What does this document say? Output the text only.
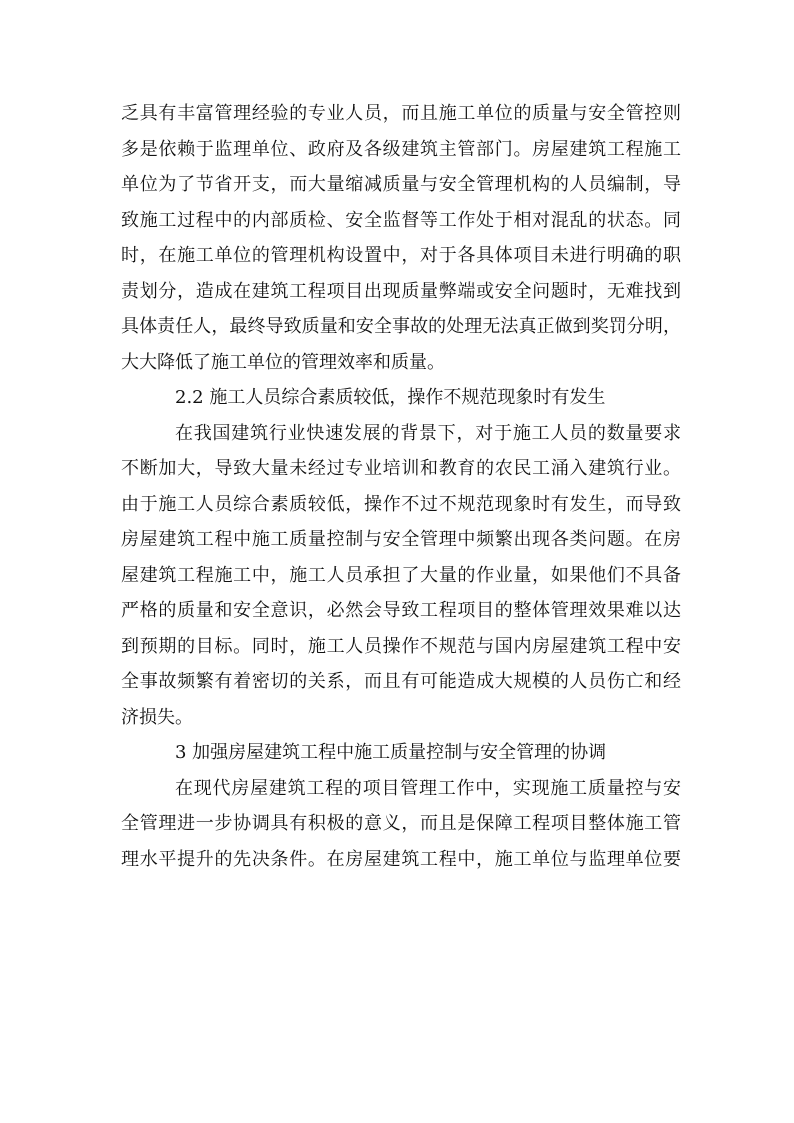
乏具有丰富管理经验的专业人员，而且施工单位的质量与安全管控则
多是依赖于监理单位、政府及各级建筑主管部门。房屋建筑工程施工
单位为了节省开支，而大量缩减质量与安全管理机构的人员编制，导
致施工过程中的内部质检、安全监督等工作处于相对混乱的状态。同
时，在施工单位的管理机构设置中，对于各具体项目未进行明确的职
责划分，造成在建筑工程项目出现质量弊端或安全问题时，无难找到
具体责任人，最终导致质量和安全事故的处理无法真正做到奖罚分明，
大大降低了施工单位的管理效率和质量。
2.2 施工人员综合素质较低，操作不规范现象时有发生
在我国建筑行业快速发展的背景下，对于施工人员的数量要求
不断加大，导致大量未经过专业培训和教育的农民工涌入建筑行业。
由于施工人员综合素质较低，操作不过不规范现象时有发生，而导致
房屋建筑工程中施工质量控制与安全管理中频繁出现各类问题。在房
屋建筑工程施工中，施工人员承担了大量的作业量，如果他们不具备
严格的质量和安全意识，必然会导致工程项目的整体管理效果难以达
到预期的目标。同时，施工人员操作不规范与国内房屋建筑工程中安
全事故频繁有着密切的关系，而且有可能造成大规模的人员伤亡和经
济损失。
3 加强房屋建筑工程中施工质量控制与安全管理的协调
在现代房屋建筑工程的项目管理工作中，实现施工质量控与安
全管理进一步协调具有积极的意义，而且是保障工程项目整体施工管
理水平提升的先决条件。在房屋建筑工程中，施工单位与监理单位要
